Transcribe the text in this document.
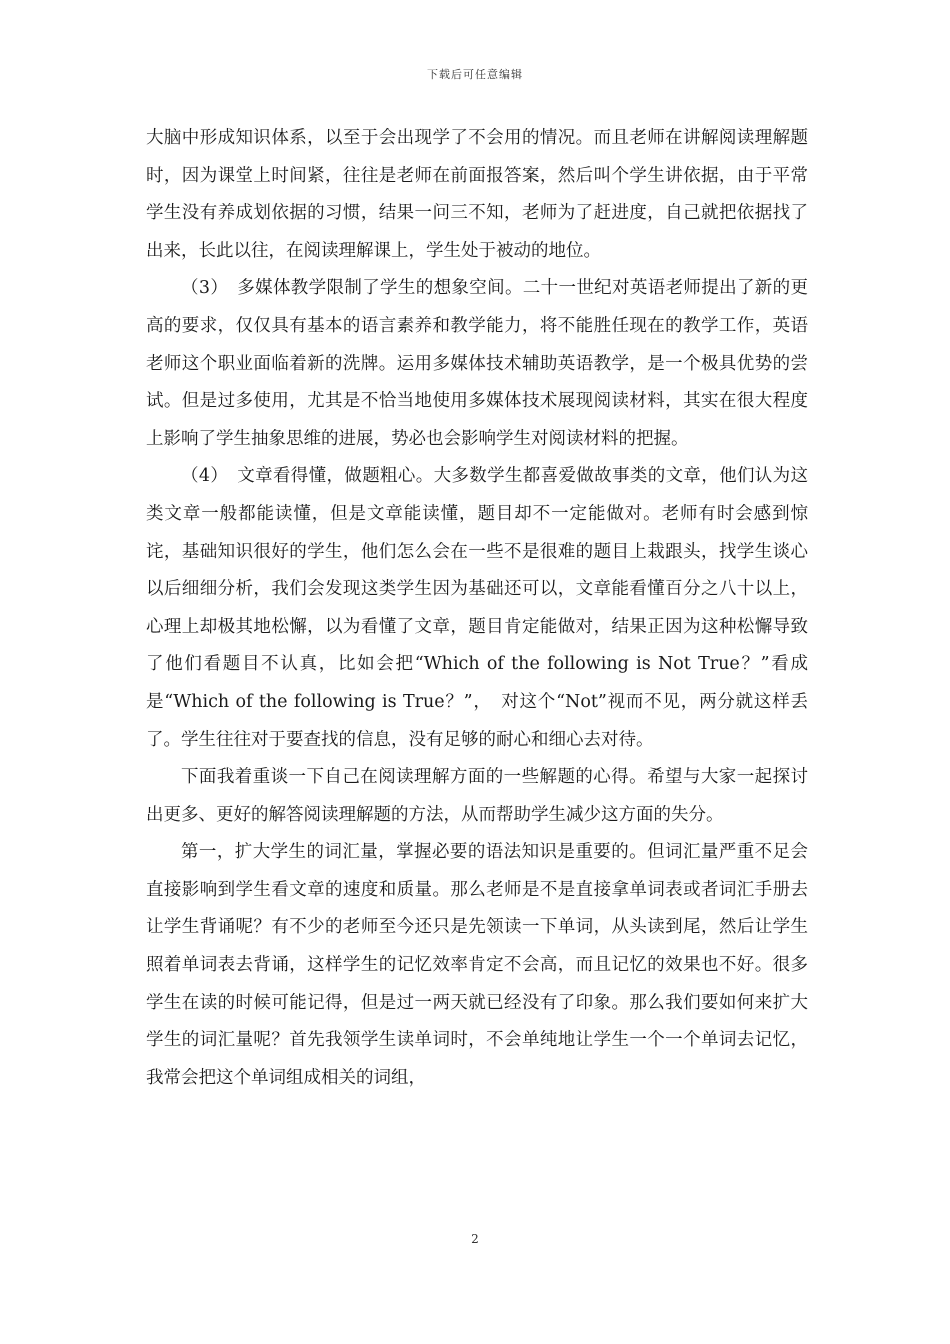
下载后可任意编辑

大脑中形成知识体系，以至于会出现学了不会用的情况。而且老师在讲解阅读理解题时，因为课堂上时间紧，往往是老师在前面报答案，然后叫个学生讲依据，由于平常学生没有养成划依据的习惯，结果一问三不知，老师为了赶进度，自己就把依据找了出来，长此以往，在阅读理解课上，学生处于被动的地位。

（3）　多媒体教学限制了学生的想象空间。二十一世纪对英语老师提出了新的更高的要求，仅仅具有基本的语言素养和教学能力，将不能胜任现在的教学工作，英语老师这个职业面临着新的洗牌。运用多媒体技术辅助英语教学，是一个极具优势的尝试。但是过多使用，尤其是不恰当地使用多媒体技术展现阅读材料，其实在很大程度上影响了学生抽象思维的进展，势必也会影响学生对阅读材料的把握。

（4）　文章看得懂，做题粗心。大多数学生都喜爱做故事类的文章，他们认为这类文章一般都能读懂，但是文章能读懂，题目却不一定能做对。老师有时会感到惊诧，基础知识很好的学生，他们怎么会在一些不是很难的题目上栽跟头，找学生谈心以后细细分析，我们会发现这类学生因为基础还可以，文章能看懂百分之八十以上，心理上却极其地松懈，以为看懂了文章，题目肯定能做对，结果正因为这种松懈导致了他们看题目不认真，比如会把“Which of the following is Not True？”看成是“Which of the following is True？”，　对这个“Not”视而不见，两分就这样丢了。学生往往对于要查找的信息，没有足够的耐心和细心去对待。

下面我着重谈一下自己在阅读理解方面的一些解题的心得。希望与大家一起探讨出更多、更好的解答阅读理解题的方法，从而帮助学生减少这方面的失分。

第一，扩大学生的词汇量，掌握必要的语法知识是重要的。但词汇量严重不足会直接影响到学生看文章的速度和质量。那么老师是不是直接拿单词表或者词汇手册去让学生背诵呢？有不少的老师至今还只是先领读一下单词，从头读到尾，然后让学生照着单词表去背诵，这样学生的记忆效率肯定不会高，而且记忆的效果也不好。很多学生在读的时候可能记得，但是过一两天就已经没有了印象。那么我们要如何来扩大学生的词汇量呢？首先我领学生读单词时，不会单纯地让学生一个一个单词去记忆，我常会把这个单词组成相关的词组，

2
